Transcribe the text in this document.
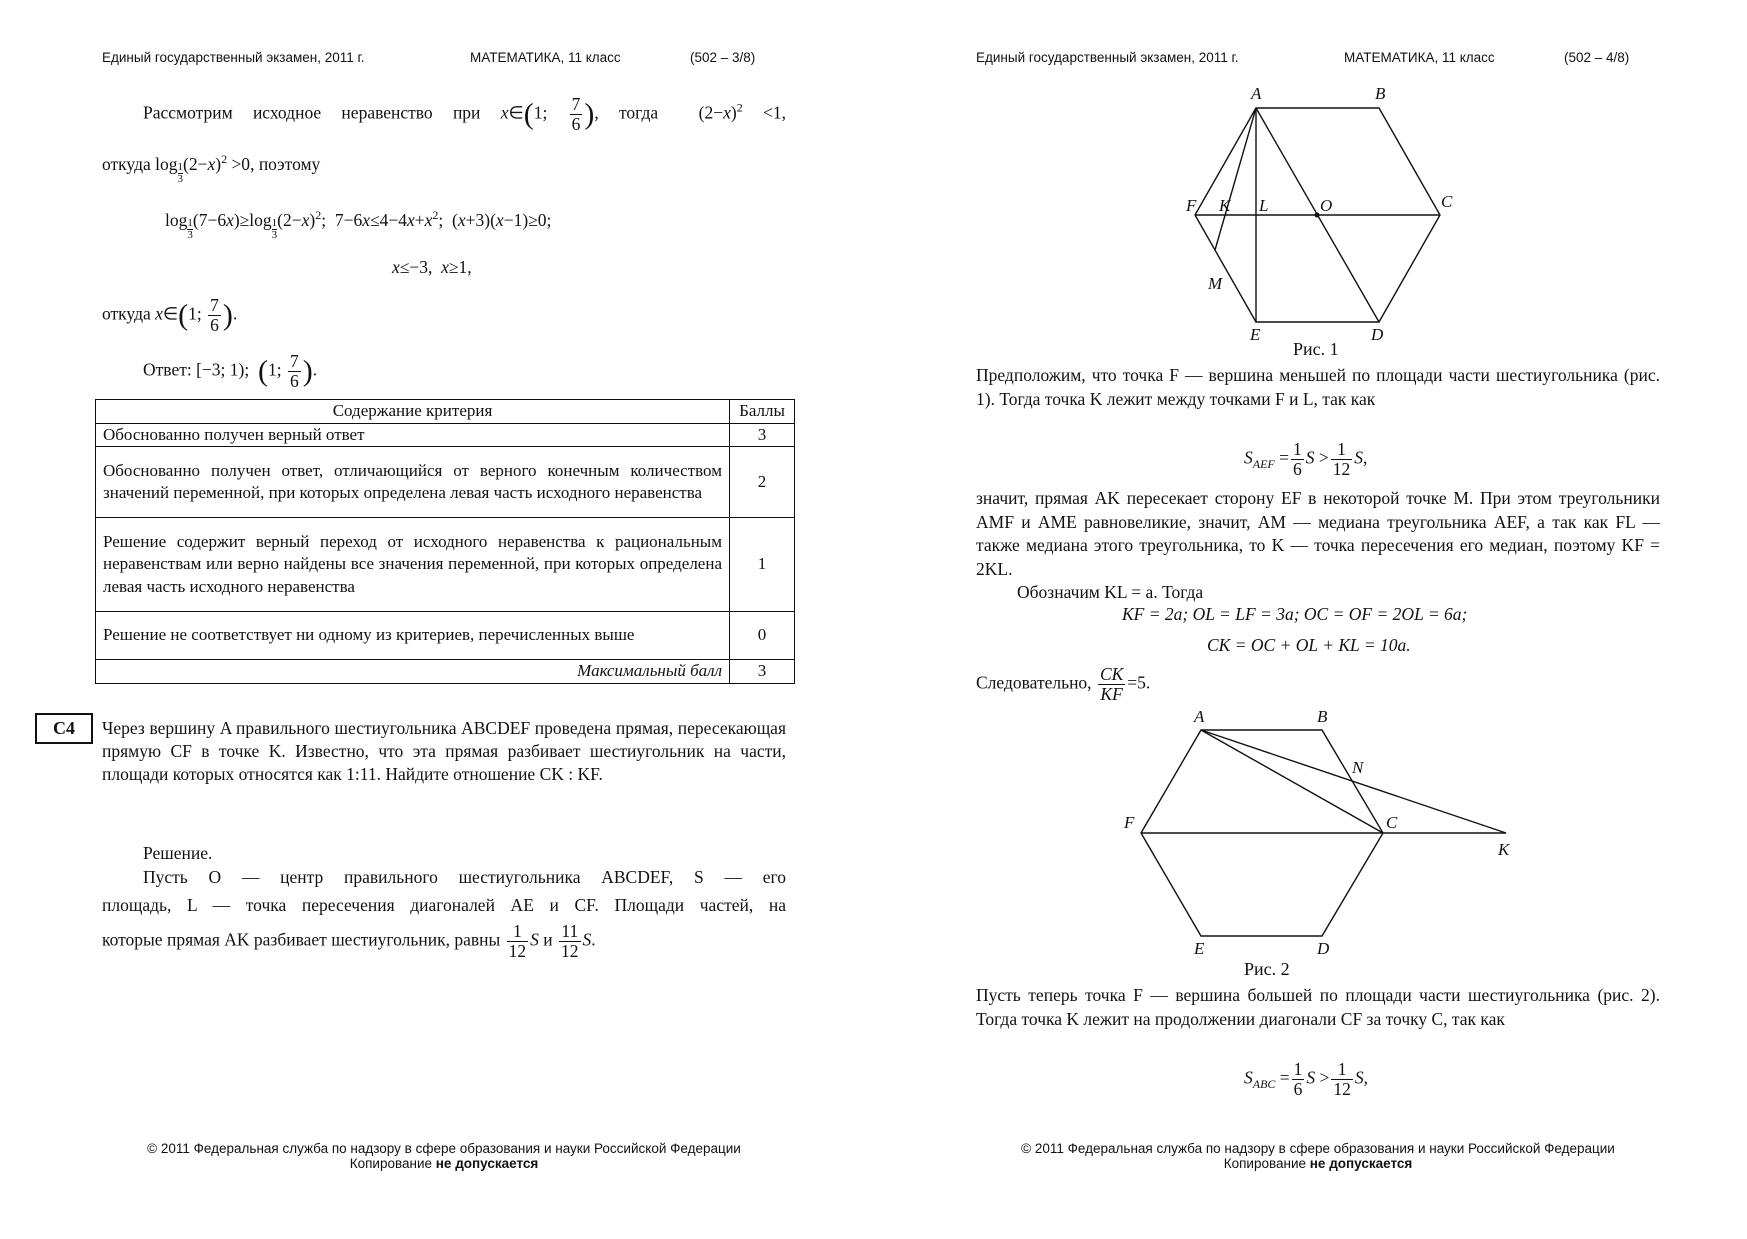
Единый государственный экзамен, 2011 г.	МАТЕМАТИКА, 11 класс	(502 – 3/8)
Рассмотрим исходное неравенство при x∈(1; $\frac{7}{6}$ ), тогда  $(2-x)^2 <1$,
откуда $\log \frac{1}{3} (2-x)^2 >0$, поэтому
$\log \frac{1}{3} (7-6x)\ge\log \frac{1}{3} (2-x)^2$;  $7-6x\le 4-4x+x^2$;  (x+3)(x−1)≥0;
x≤−3,  x≥1,
откуда x∈(1; $\frac{7}{6}$ ).
Ответ: [−3; 1);  (1; $\frac{7}{6}$ ).
Содержание критерия	Баллы
Обоснованно получен верный ответ	3
Обоснованно получен ответ, отличающийся от верного конечным количеством значений переменной, при которых определена левая часть исходного неравенства	2
Решение содержит верный переход от исходного неравенства к рациональным неравенствам или верно найдены все значения переменной, при которых определена левая часть исходного неравенства	1
Решение не соответствует ни одному из критериев, перечисленных выше	0
Максимальный балл	3
C4	Через вершину A правильного шестиугольника ABCDEF проведена прямая, пересекающая прямую CF в точке K. Известно, что эта прямая разбивает шестиугольник на части, площади которых относятся как 1:11. Найдите отношение CK : KF.
Решение.
Пусть O — центр правильного шестиугольника ABCDEF, S — его
площадь, L — точка пересечения диагоналей AE и CF. Площади частей, на
которые прямая AK разбивает шестиугольник, равны $\frac{1}{12}$ S и $\frac{11}{12} S$.
© 2011 Федеральная служба по надзору в сфере образования и науки Российской Федерации
Копирование не допускается
Единый государственный экзамен, 2011 г.	МАТЕМАТИКА, 11 класс	(502 – 4/8)
A	B
C
D
E
F K L	O
M
Рис. 1
Предположим, что точка F — вершина меньшей по площади части шестиугольника (рис. 1). Тогда точка K лежит между точками F и L, так как
$S_{AEF} = \frac{1}{6}$ $S > \frac{1}{12} S$,
значит, прямая AK пересекает сторону EF в некоторой точке M. При этом треугольники AMF и AME равновеликие, значит, AM — медиана треугольника AEF, а так как FL — также медиана этого треугольника, то K — точка пересечения его медиан, поэтому KF = 2KL.
Обозначим KL = a. Тогда
KF = 2a; OL = LF = 3a; OC = OF = 2OL = 6a;
CK = OC + OL + KL = 10a.
Следовательно, $\frac{CK}{KF} =5$.
A	B
C
D
E
F
N
K
Рис. 2
Пусть теперь точка F — вершина большей по площади части шестиугольника (рис. 2). Тогда точка K лежит на продолжении диагонали CF за точку C, так как
$S_{ABC} = \frac{1}{6}$ $S > \frac{1}{12} S$,
© 2011 Федеральная служба по надзору в сфере образования и науки Российской Федерации
Копирование не допускается
